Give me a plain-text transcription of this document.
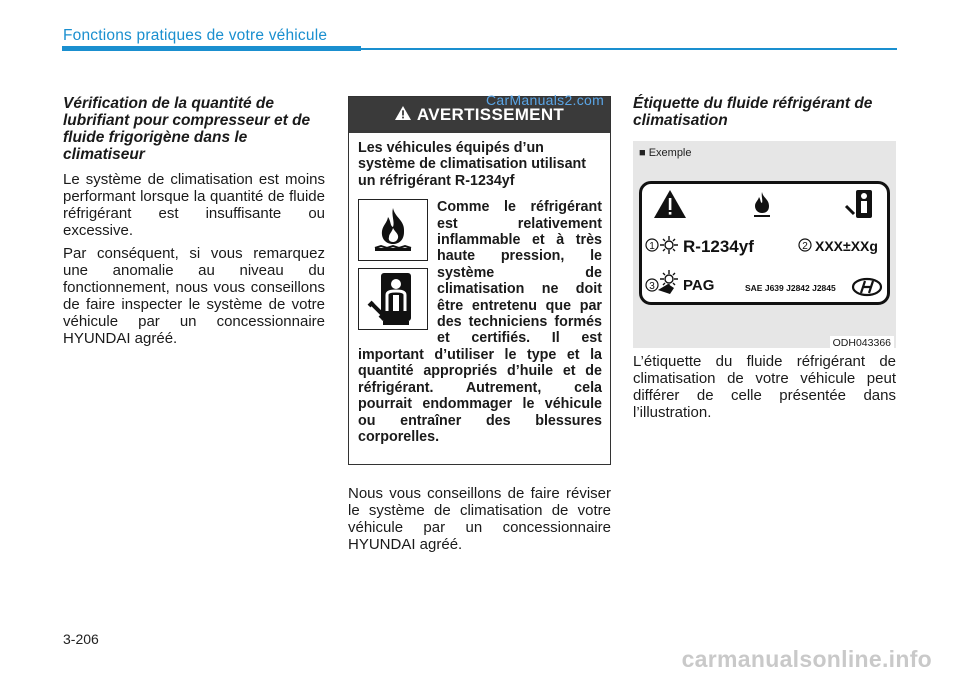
Fonctions pratiques de votre véhicule
Vérification de la quantité de lubrifiant pour compresseur et de fluide frigorigène dans le climatiseur

Le système de climatisation est moins performant lorsque la quantité de fluide réfrigérant est insuffisante ou excessive.

Par conséquent, si vous remarquez une anomalie au niveau du fonctionnement, nous vous conseillons de faire inspecter le système de votre véhicule par un concessionnaire HYUNDAI agréé.

AVERTISSEMENT
Les véhicules équipés d’un système de climatisation utilisant un réfrigérant R-1234yf
Comme le réfrigérant est relativement inflammable et à très haute pression, le système de climatisation ne doit être entretenu que par des techniciens formés et certifiés. Il est important d’utiliser le type et la quantité appropriés d’huile et de réfrigérant. Autrement, cela pourrait endommager le véhicule ou entraîner des blessures corporelles.
CarManuals2.com
Nous vous conseillons de faire réviser le système de climatisation de votre véhicule par un concessionnaire HYUNDAI agréé.
Étiquette du fluide réfrigérant de climatisation
■ Exemple
1 R-1234yf	2 XXX±XXg
3 PAG	SAE J639 J2842 J2845
ODH043366
L’étiquette du fluide réfrigérant de climatisation de votre véhicule peut différer de celle présentée dans l’illustration.
3-206
carmanualsonline.info
